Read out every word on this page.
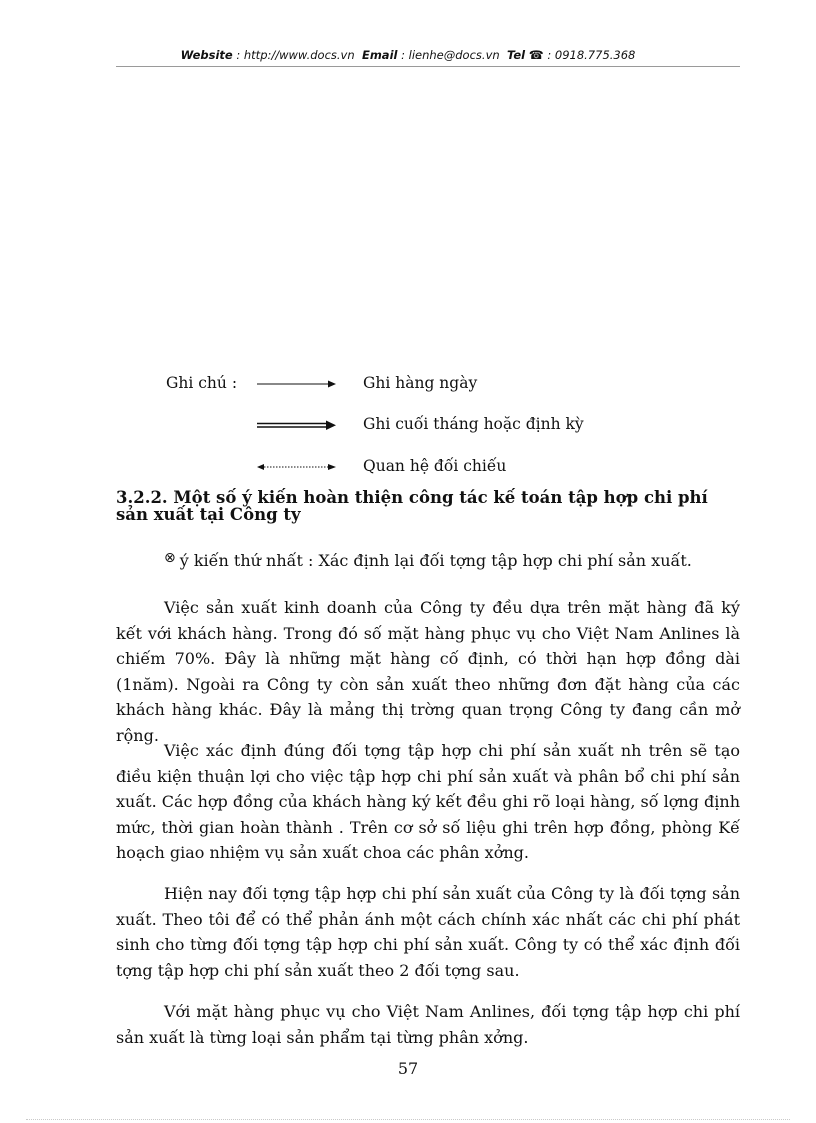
Website : http://www.docs.vn Email : lienhe@docs.vn Tel ☎ : 0918.775.368
Ghi chú :	Ghi hàng ngày
Ghi cuối tháng hoặc định kỳ
Quan hệ đối chiếu
3.2.2. Một số ý kiến hoàn thiện công tác kế toán tập hợp chi phí sản xuất tại Công ty
⊗ ý kiến thứ nhất : Xác định lại đối tợng tập hợp chi phí sản xuất.
Việc sản xuất kinh doanh của Công ty đều dựa trên mặt hàng đã ký kết với khách hàng. Trong đó số mặt hàng phục vụ cho Việt Nam Anlines là chiếm 70%. Đây là những mặt hàng cố định, có thời hạn hợp đồng dài (1năm). Ngoài ra Công ty còn sản xuất theo những đơn đặt hàng của các khách hàng khác. Đây là mảng thị trờng quan trọng Công ty đang cần mở rộng.
Việc xác định đúng đối tợng tập hợp chi phí sản xuất nh trên sẽ tạo điều kiện thuận lợi cho việc tập hợp chi phí sản xuất và phân bổ chi phí sản xuất. Các hợp đồng của khách hàng ký kết đều ghi rõ loại hàng, số lợng định mức, thời gian hoàn thành . Trên cơ sở số liệu ghi trên hợp đồng, phòng Kế hoạch giao nhiệm vụ sản xuất choa các phân xởng.
Hiện nay đối tợng tập hợp chi phí sản xuất của Công ty là đối tợng sản xuất. Theo tôi để có thể phản ánh một cách chính xác nhất các chi phí phát sinh cho từng đối tợng tập hợp chi phí sản xuất. Công ty có thể xác định đối tợng tập hợp chi phí sản xuất theo 2 đối tợng sau.
Với mặt hàng phục vụ cho Việt Nam Anlines, đối tợng tập hợp chi phí sản xuất là từng loại sản phẩm tại từng phân xởng.
57
